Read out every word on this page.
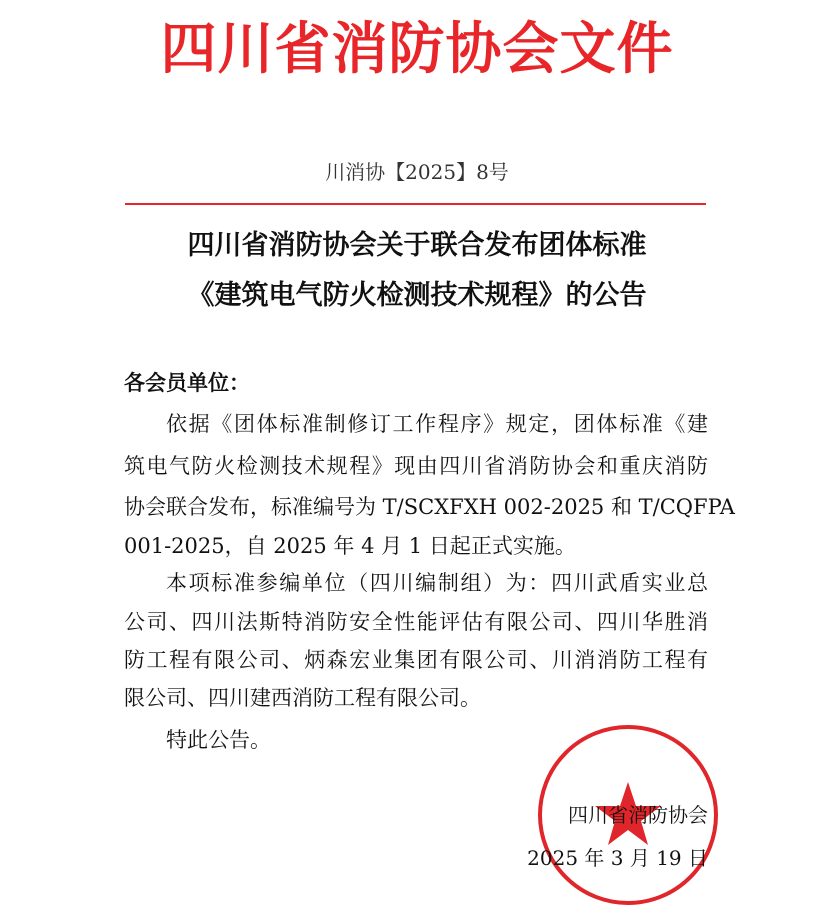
四川省消防协会文件
川消协【2025】8号
四川省消防协会关于联合发布团体标准
《建筑电气防火检测技术规程》的公告
各会员单位：
依据《团体标准制修订工作程序》规定，团体标准《建
筑电气防火检测技术规程》现由四川省消防协会和重庆消防
协会联合发布，标准编号为 T/SCXFXH 002-2025 和 T/CQFPA
001-2025，自 2025 年 4 月 1 日起正式实施。
本项标准参编单位（四川编制组）为：四川武盾实业总
公司、四川法斯特消防安全性能评估有限公司、四川华胜消
防工程有限公司、炳森宏业集团有限公司、川消消防工程有
限公司、四川建西消防工程有限公司。
特此公告。
四川省消防协会
2025 年 3 月 19 日
